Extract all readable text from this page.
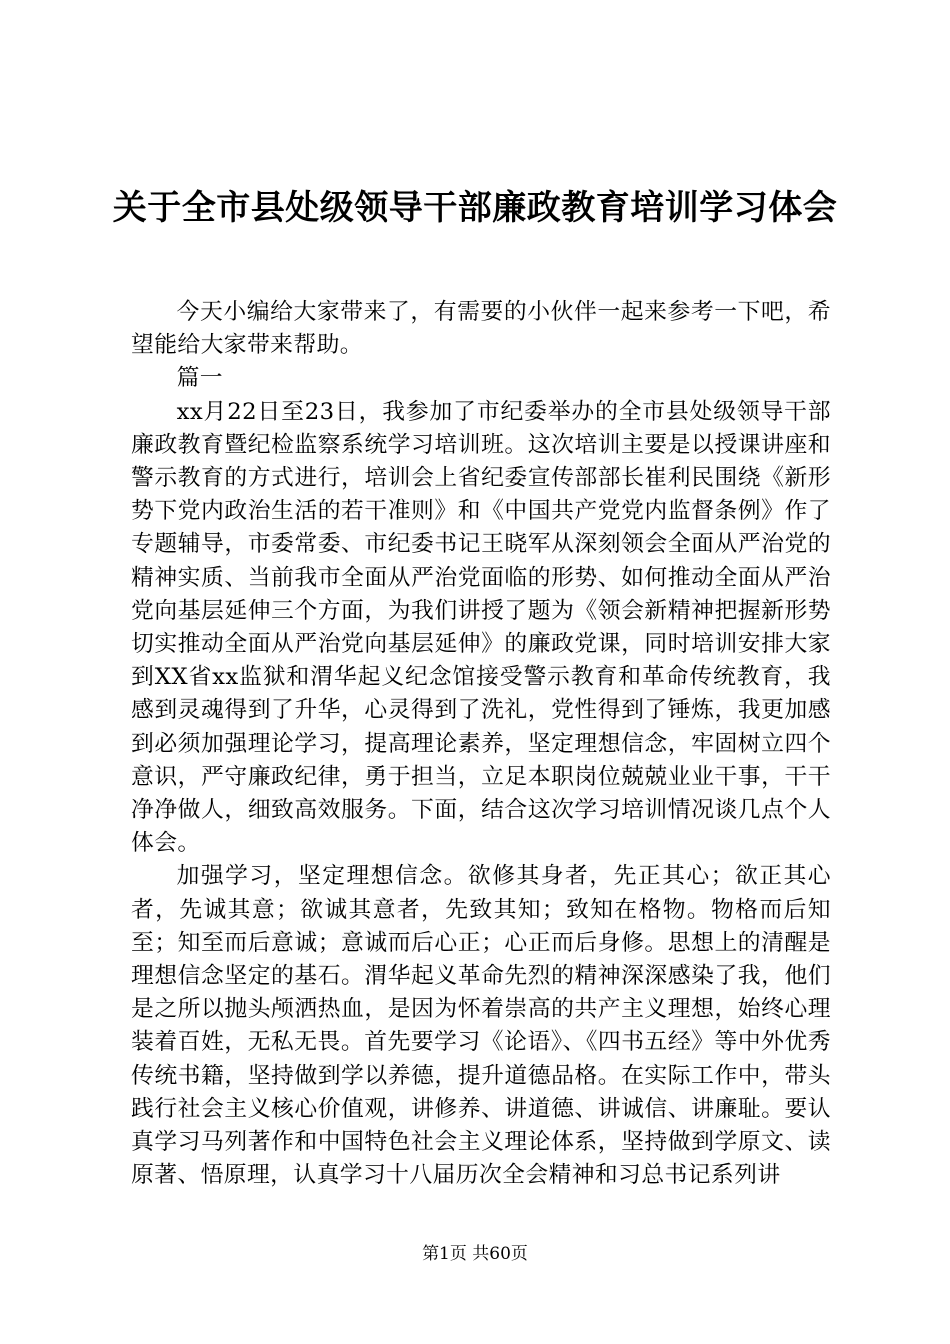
关于全市县处级领导干部廉政教育培训学习体会

今天小编给大家带来了，有需要的小伙伴一起来参考一下吧，希望能给大家带来帮助。

篇一

xx月22日至23日，我参加了市纪委举办的全市县处级领导干部廉政教育暨纪检监察系统学习培训班。这次培训主要是以授课讲座和警示教育的方式进行，培训会上省纪委宣传部部长崔利民围绕《新形势下党内政治生活的若干准则》和《中国共产党党内监督条例》作了专题辅导，市委常委、市纪委书记王晓军从深刻领会全面从严治党的精神实质、当前我市全面从严治党面临的形势、如何推动全面从严治党向基层延伸三个方面，为我们讲授了题为《领会新精神把握新形势切实推动全面从严治党向基层延伸》的廉政党课，同时培训安排大家到XX省xx监狱和渭华起义纪念馆接受警示教育和革命传统教育，我感到灵魂得到了升华，心灵得到了洗礼，党性得到了锤炼，我更加感到必须加强理论学习，提高理论素养，坚定理想信念，牢固树立四个意识，严守廉政纪律，勇于担当，立足本职岗位兢兢业业干事，干干净净做人，细致高效服务。下面，结合这次学习培训情况谈几点个人体会。

加强学习，坚定理想信念。欲修其身者，先正其心；欲正其心者，先诚其意；欲诚其意者，先致其知；致知在格物。物格而后知至；知至而后意诚；意诚而后心正；心正而后身修。思想上的清醒是理想信念坚定的基石。渭华起义革命先烈的精神深深感染了我，他们是之所以抛头颅洒热血，是因为怀着崇高的共产主义理想，始终心理装着百姓，无私无畏。首先要学习《论语》、《四书五经》等中外优秀传统书籍，坚持做到学以养德，提升道德品格。在实际工作中，带头践行社会主义核心价值观，讲修养、讲道德、讲诚信、讲廉耻。要认真学习马列著作和中国特色社会主义理论体系，坚持做到学原文、读原著、悟原理，认真学习十八届历次全会精神和习总书记系列讲

第1页 共60页
